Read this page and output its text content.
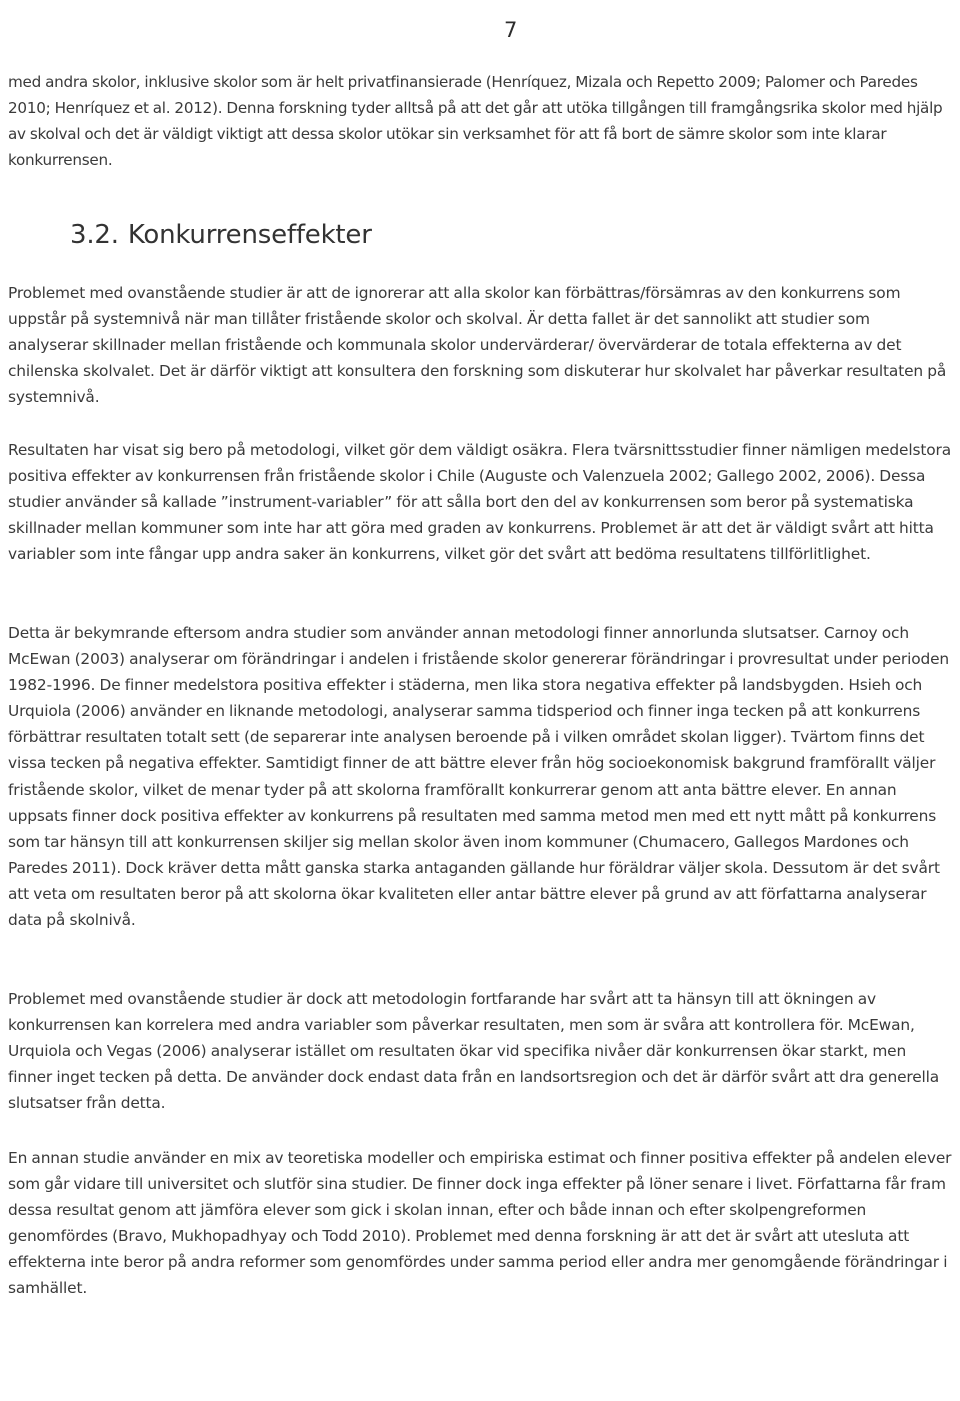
7

med andra skolor, inklusive skolor som är helt privatfinansierade (Henríquez, Mizala och Repetto 2009; Palomer och Paredes 2010; Henríquez et al. 2012). Denna forskning tyder alltså på att det går att utöka tillgången till framgångsrika skolor med hjälp av skolval och det är väldigt viktigt att dessa skolor utökar sin verksamhet för att få bort de sämre skolor som inte klarar konkurrensen.

3.2. Konkurrenseffekter

Problemet med ovanstående studier är att de ignorerar att alla skolor kan förbättras/försämras av den konkurrens som uppstår på systemnivå när man tillåter fristående skolor och skolval. Är detta fallet är det sannolikt att studier som analyserar skillnader mellan fristående och kommunala skolor undervärderar/ övervärderar de totala effekterna av det chilenska skolvalet. Det är därför viktigt att konsultera den forskning som diskuterar hur skolvalet har påverkar resultaten på systemnivå.

Resultaten har visat sig bero på metodologi, vilket gör dem väldigt osäkra. Flera tvärsnittsstudier finner nämligen medelstora positiva effekter av konkurrensen från fristående skolor i Chile (Auguste och Valenzuela 2002; Gallego 2002, 2006). Dessa studier använder så kallade ”instrument-variabler” för att sålla bort den del av konkurrensen som beror på systematiska skillnader mellan kommuner som inte har att göra med graden av konkurrens. Problemet är att det är väldigt svårt att hitta variabler som inte fångar upp andra saker än konkurrens, vilket gör det svårt att bedöma resultatens tillförlitlighet.

Detta är bekymrande eftersom andra studier som använder annan metodologi finner annorlunda slutsatser. Carnoy och McEwan (2003) analyserar om förändringar i andelen i fristående skolor genererar förändringar i provresultat under perioden 1982-1996. De finner medelstora positiva effekter i städerna, men lika stora negativa effekter på landsbygden. Hsieh och Urquiola (2006) använder en liknande metodologi, analyserar samma tidsperiod och finner inga tecken på att konkurrens förbättrar resultaten totalt sett (de separerar inte analysen beroende på i vilken området skolan ligger). Tvärtom finns det vissa tecken på negativa effekter. Samtidigt finner de att bättre elever från hög socioekonomisk bakgrund framförallt väljer fristående skolor, vilket de menar tyder på att skolorna framförallt konkurrerar genom att anta bättre elever. En annan uppsats finner dock positiva effekter av konkurrens på resultaten med samma metod men med ett nytt mått på konkurrens som tar hänsyn till att konkurrensen skiljer sig mellan skolor även inom kommuner (Chumacero, Gallegos Mardones och Paredes 2011). Dock kräver detta mått ganska starka antaganden gällande hur föräldrar väljer skola. Dessutom är det svårt att veta om resultaten beror på att skolorna ökar kvaliteten eller antar bättre elever på grund av att författarna analyserar data på skolnivå.

Problemet med ovanstående studier är dock att metodologin fortfarande har svårt att ta hänsyn till att ökningen av konkurrensen kan korrelera med andra variabler som påverkar resultaten, men som är svåra att kontrollera för. McEwan, Urquiola och Vegas (2006) analyserar istället om resultaten ökar vid specifika nivåer där konkurrensen ökar starkt, men finner inget tecken på detta. De använder dock endast data från en landsortsregion och det är därför svårt att dra generella slutsatser från detta.

En annan studie använder en mix av teoretiska modeller och empiriska estimat och finner positiva effekter på andelen elever som går vidare till universitet och slutför sina studier. De finner dock inga effekter på löner senare i livet. Författarna får fram dessa resultat genom att jämföra elever som gick i skolan innan, efter och både innan och efter skolpengreformen genomfördes (Bravo, Mukhopadhyay och Todd 2010). Problemet med denna forskning är att det är svårt att utesluta att effekterna inte beror på andra reformer som genomfördes under samma period eller andra mer genomgående förändringar i samhället.
